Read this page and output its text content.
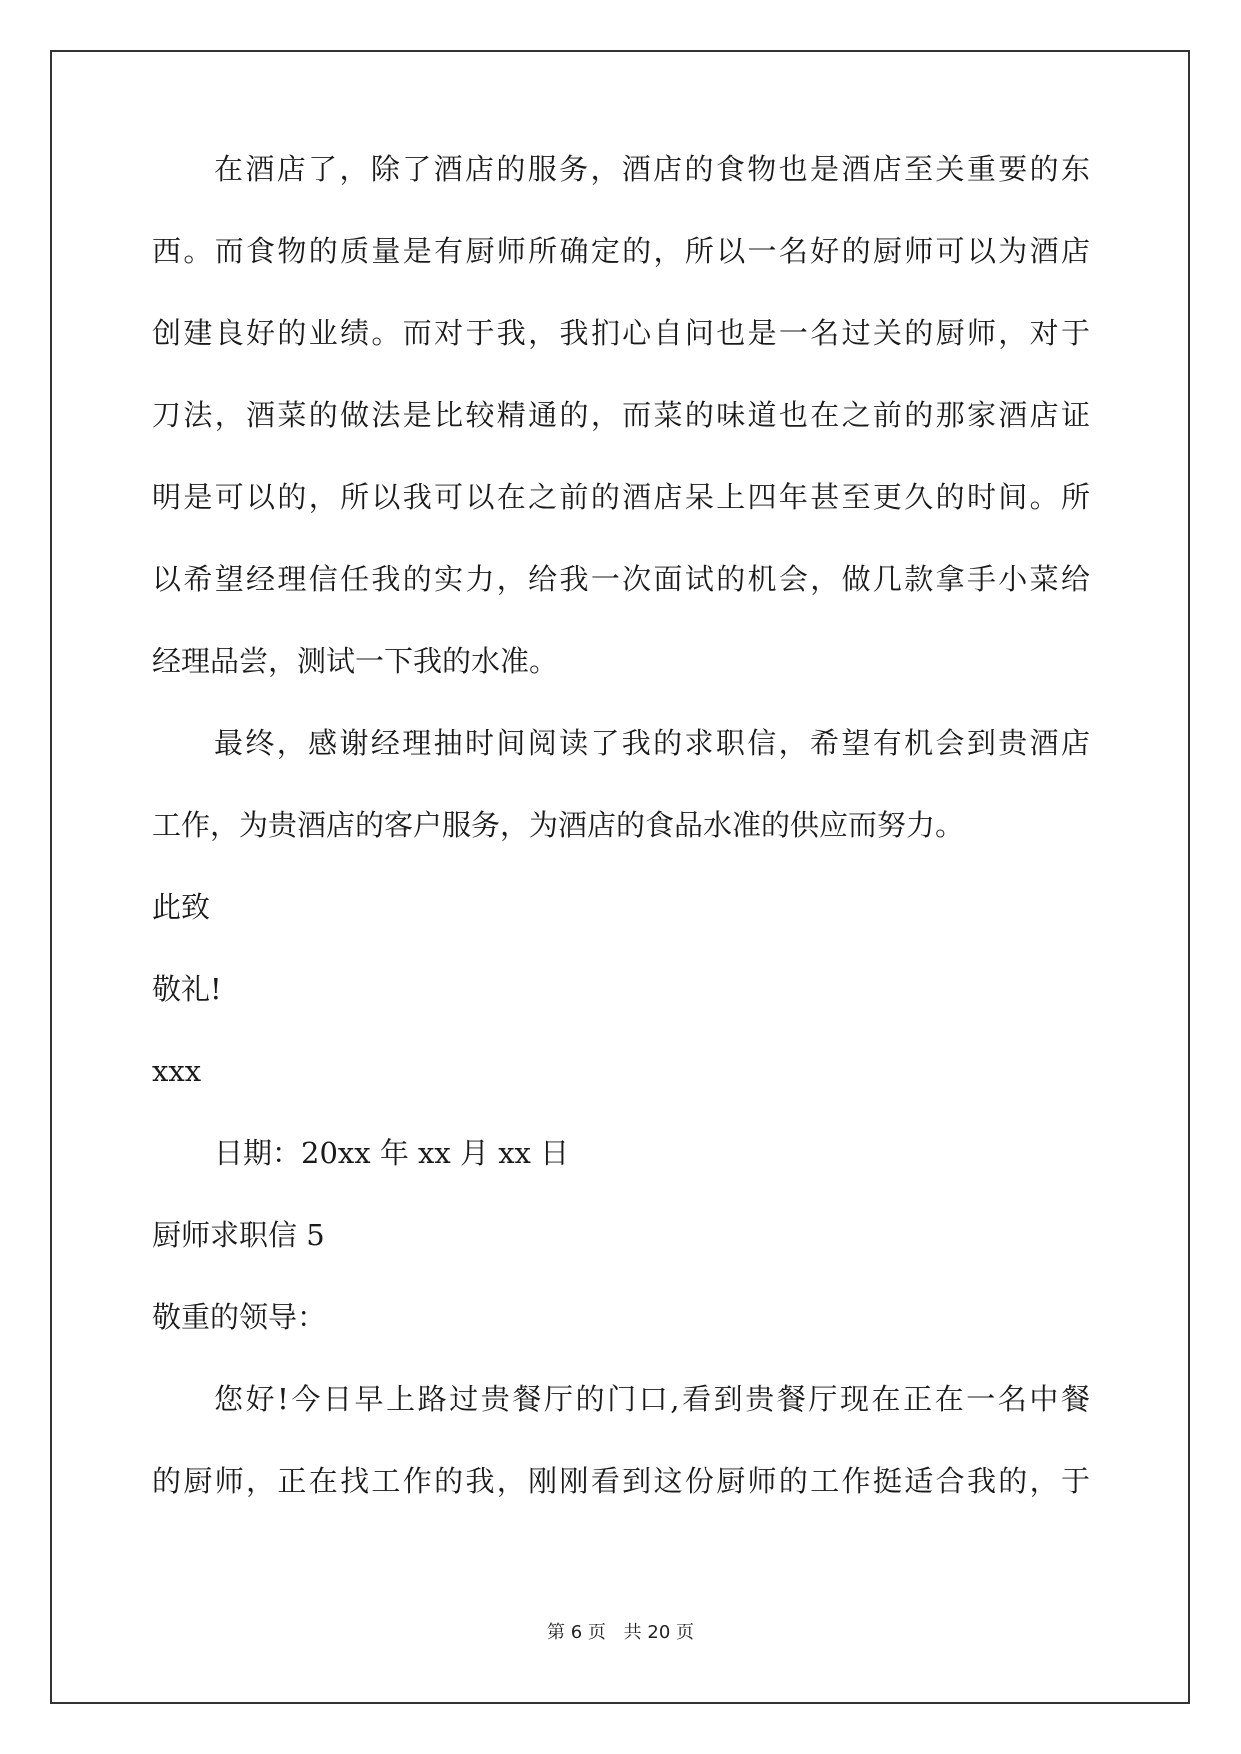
在酒店了，除了酒店的服务，酒店的食物也是酒店至关重要的东
西。而食物的质量是有厨师所确定的，所以一名好的厨师可以为酒店
创建良好的业绩。而对于我，我扪心自问也是一名过关的厨师，对于
刀法，酒菜的做法是比较精通的，而菜的味道也在之前的那家酒店证
明是可以的，所以我可以在之前的酒店呆上四年甚至更久的时间。所
以希望经理信任我的实力，给我一次面试的机会，做几款拿手小菜给
经理品尝，测试一下我的水准。
最终，感谢经理抽时间阅读了我的求职信，希望有机会到贵酒店
工作，为贵酒店的客户服务，为酒店的食品水准的供应而努力。
此致
敬礼!
xxx
日期：20xx 年 xx 月 xx 日
厨师求职信 5
敬重的领导：
您好!今日早上路过贵餐厅的门口,看到贵餐厅现在正在一名中餐
的厨师，正在找工作的我，刚刚看到这份厨师的工作挺适合我的，于
第 6 页 共 20 页
